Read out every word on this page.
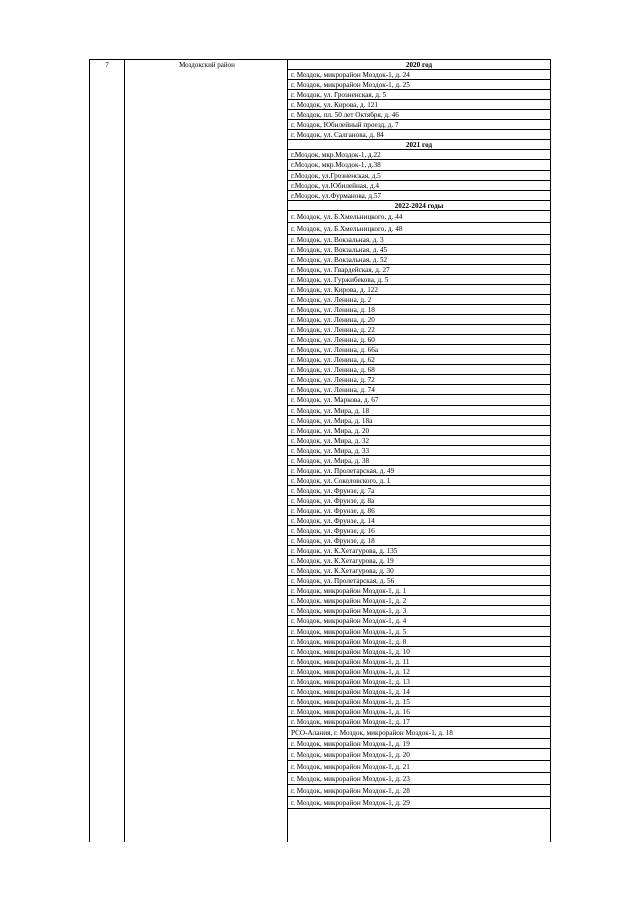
7	Моздокский район	2020 год
г. Моздок, микрорайон Моздок-1, д. 24
г. Моздок, микрорайон Моздок-1, д. 25
г. Моздок, ул. Грозненская, д. 5
г. Моздок, ул. Кирова, д. 121
г. Моздок, пл. 50 лет Октября, д. 46
г. Моздок, Юбилейный проезд, д. 7
г. Моздок, ул. Салганова, д. 84
2021 год
г.Моздок, мкр.Моздок-1, д.22
г.Моздок, мкр.Моздок-1, д.38
г.Моздок, ул.Грозненская, д.5
г.Моздок, ул.Юбилейная, д.4
г.Моздок, ул.Фурманова, д.57
2022-2024 годы
г. Моздок, ул. Б.Хмельницкого, д. 44
г. Моздок, ул. Б.Хмельницкого, д. 48
г. Моздок, ул. Вокзальная, д. 3
г. Моздок, ул. Вокзальная, д. 45
г. Моздок, ул. Вокзальная, д. 52
г. Моздок, ул. Гвардейская, д. 27
г. Моздок, ул. Гуржибекова, д. 5
г. Моздок, ул. Кирова, д. 122
г. Моздок, ул. Ленина, д. 2
г. Моздок, ул. Ленина, д. 18
г. Моздок, ул. Ленина, д. 20
г. Моздок, ул. Ленина, д. 22
г. Моздок, ул. Ленина, д. 60
г. Моздок, ул. Ленина, д. 66а
г. Моздок, ул. Ленина, д. 62
г. Моздок, ул. Ленина, д. 68
г. Моздок, ул. Ленина, д. 72
г. Моздок, ул. Ленина, д. 74
г. Моздок, ул. Маркова, д. 67
г. Моздок, ул. Мира, д. 18
г. Моздок, ул. Мира, д. 18а
г. Моздок, ул. Мира, д. 20
г. Моздок, ул. Мира, д. 32
г. Моздок, ул. Мира, д. 33
г. Моздок, ул. Мира, д. 38
г. Моздок, ул. Пролетарская, д. 49
г. Моздок, ул. Соколовского, д. 1
г. Моздок, ул. Фрунзе, д. 7а
г. Моздок, ул. Фрунзе, д. 8а
г. Моздок, ул. Фрунзе, д. 86
г. Моздок, ул. Фрунзе, д. 14
г. Моздок, ул. Фрунзе, д. 16
г. Моздок, ул. Фрунзе, д. 18
г. Моздок, ул. К.Хетагурова, д. 135
г. Моздок, ул. К.Хетагурова, д. 19
г. Моздок, ул. К.Хетагурова, д. 30
г. Моздок, ул. Пролетарская, д. 56
г. Моздок, микрорайон Моздок-1, д. 1
г. Моздок, микрорайон Моздок-1, д. 2
г. Моздок, микрорайон Моздок-1, д. 3
г. Моздок, микрорайон Моздок-1, д. 4
г. Моздок, микрорайон Моздок-1, д. 5
г. Моздок, микрорайон Моздок-1, д. 8
г. Моздок, микрорайон Моздок-1, д. 10
г. Моздок, микрорайон Моздок-1, д. 11
г. Моздок, микрорайон Моздок-1, д. 12
г. Моздок, микрорайон Моздок-1, д. 13
г. Моздок, микрорайон Моздок-1, д. 14
г. Моздок, микрорайон Моздок-1, д. 15
г. Моздок, микрорайон Моздок-1, д. 16
г. Моздок, микрорайон Моздок-1, д. 17
РСО-Алания, г. Моздок, микрорайон Моздок-1, д. 18
г. Моздок, микрорайон Моздок-1, д. 19
г. Моздок, микрорайон Моздок-1, д. 20
г. Моздок, микрорайон Моздок-1, д. 21
г. Моздок, микрорайон Моздок-1, д. 23
г. Моздок, микрорайон Моздок-1, д. 28
г. Моздок, микрорайон Моздок-1, д. 29
